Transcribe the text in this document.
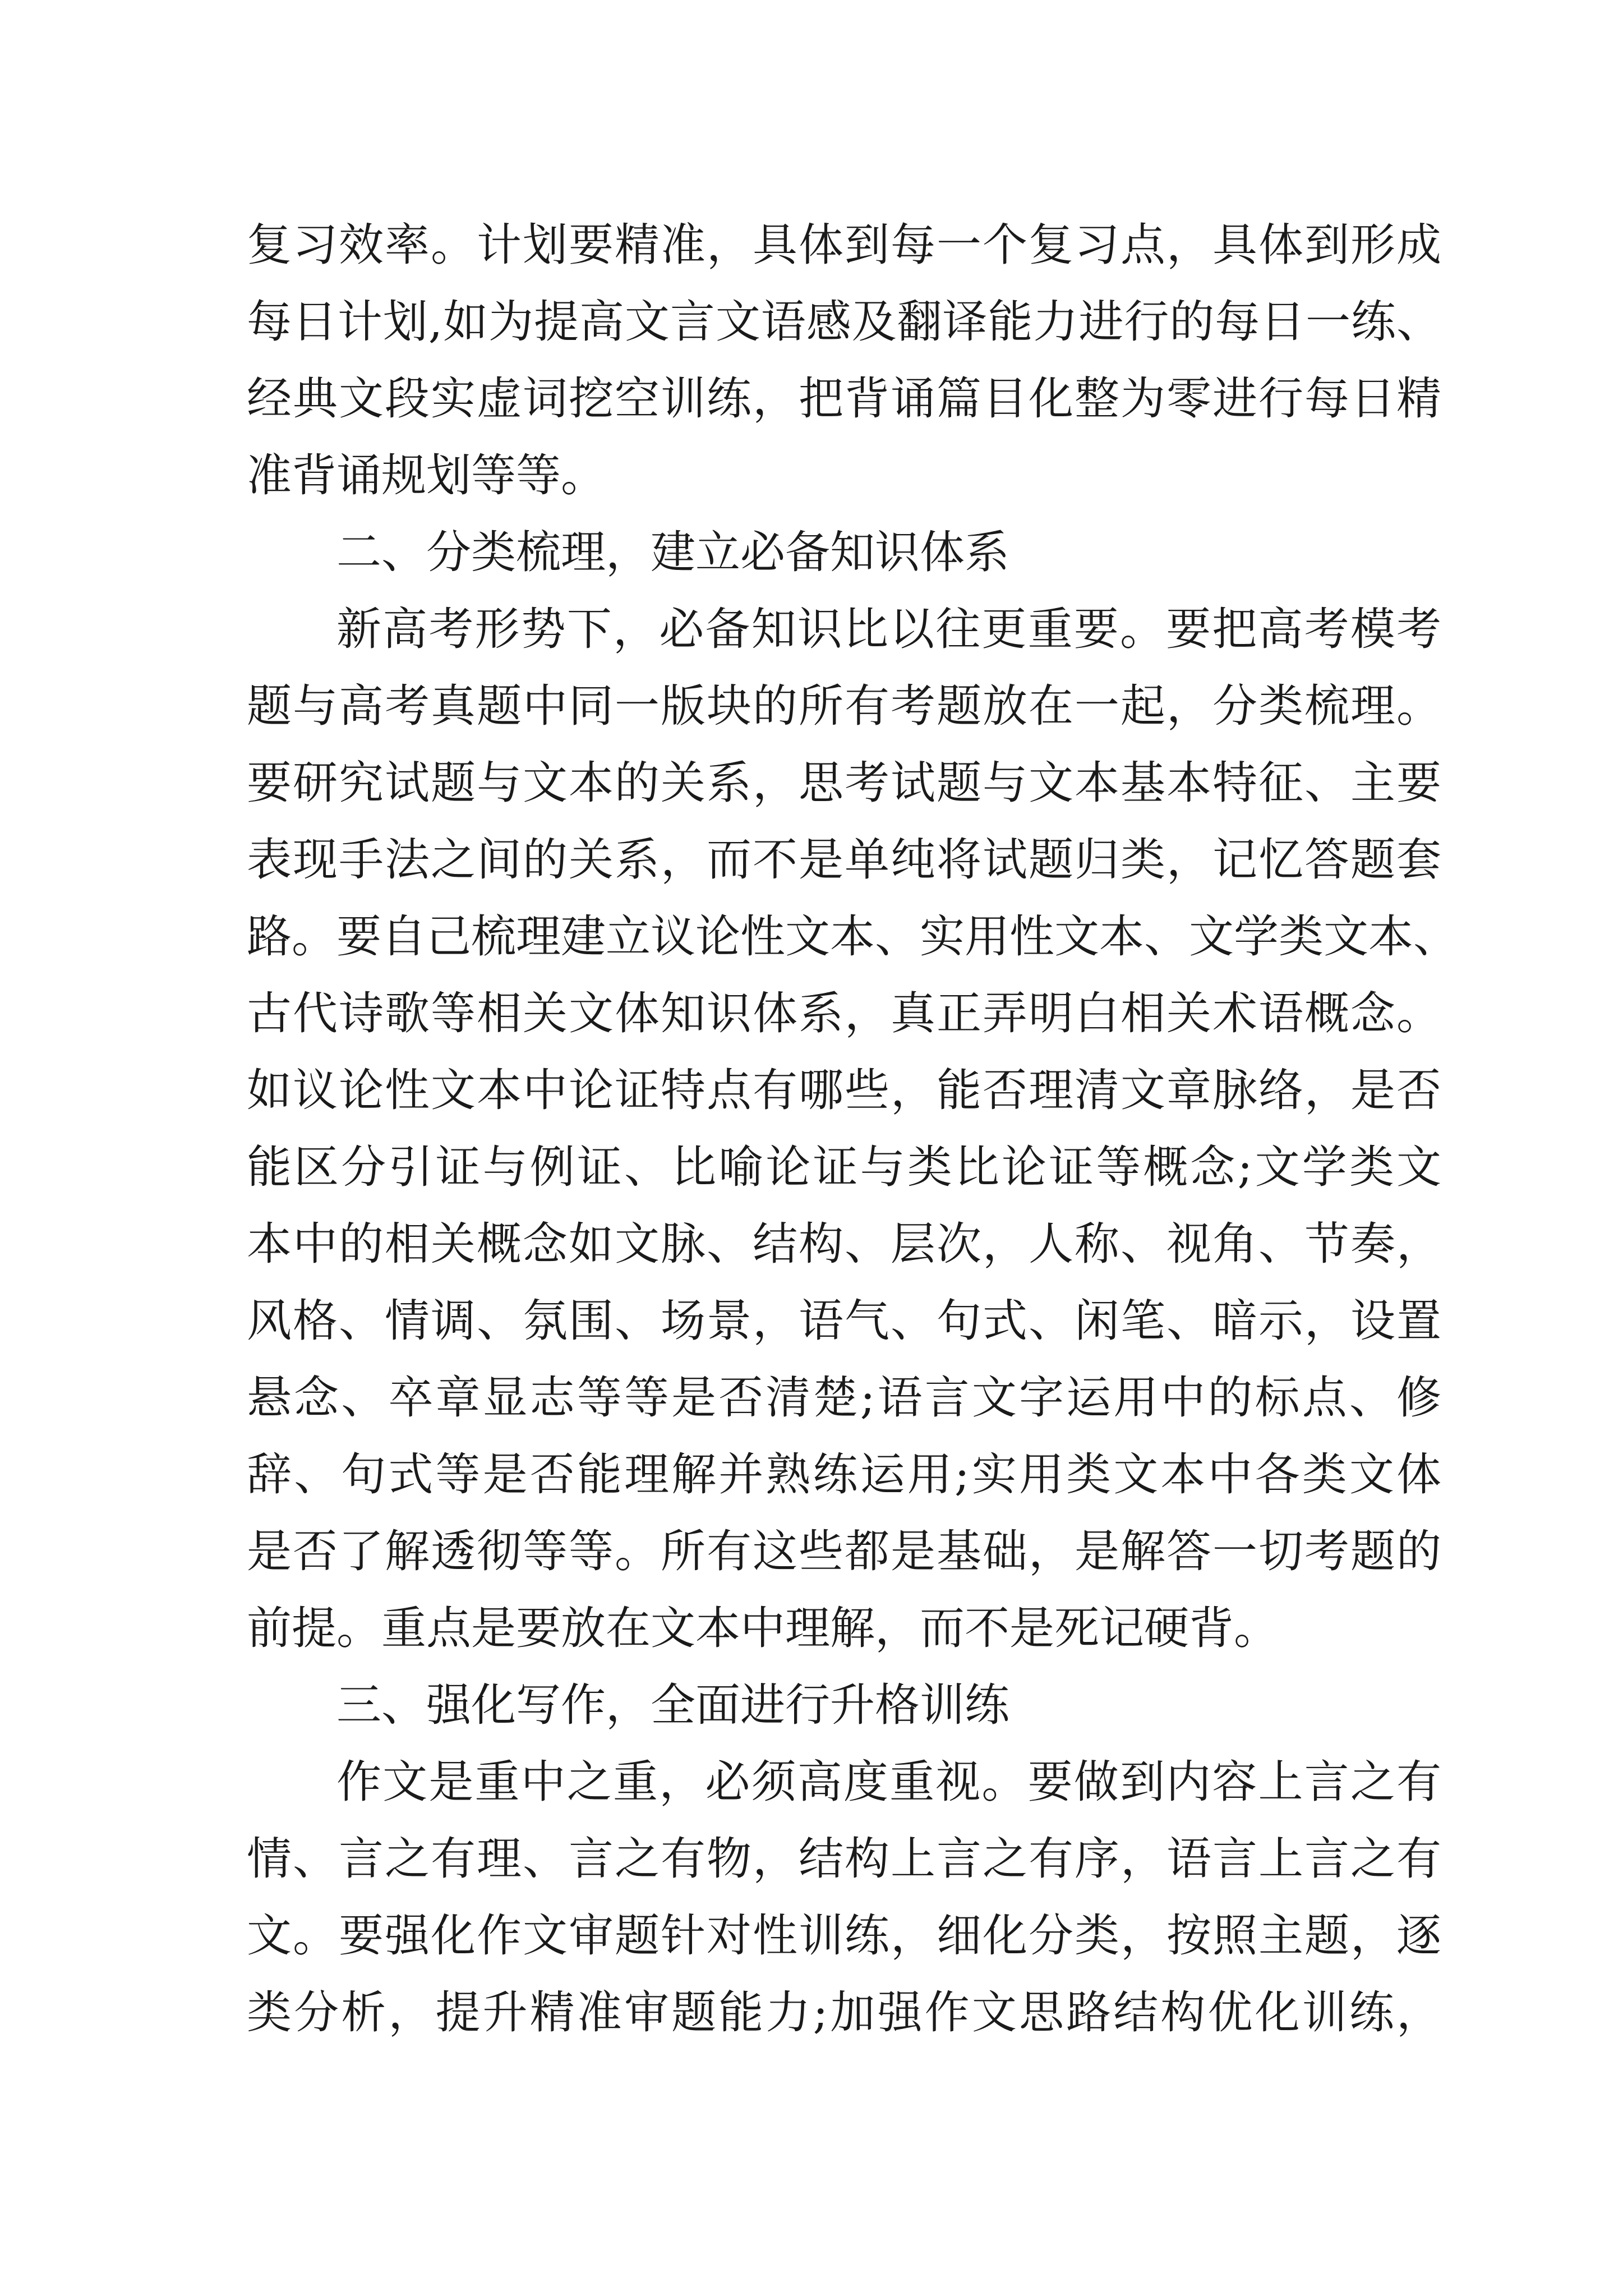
复习效率。计划要精准，具体到每一个复习点，具体到形成
每日计划,如为提高文言文语感及翻译能力进行的每日一练、
经典文段实虚词挖空训练，把背诵篇目化整为零进行每日精
准背诵规划等等。
二、分类梳理，建立必备知识体系
新高考形势下，必备知识比以往更重要。要把高考模考
题与高考真题中同一版块的所有考题放在一起，分类梳理。
要研究试题与文本的关系，思考试题与文本基本特征、主要
表现手法之间的关系，而不是单纯将试题归类，记忆答题套
路。要自己梳理建立议论性文本、实用性文本、文学类文本、
古代诗歌等相关文体知识体系，真正弄明白相关术语概念。
如议论性文本中论证特点有哪些，能否理清文章脉络，是否
能区分引证与例证、比喻论证与类比论证等概念;文学类文
本中的相关概念如文脉、结构、层次，人称、视角、节奏，
风格、情调、氛围、场景，语气、句式、闲笔、暗示，设置
悬念、卒章显志等等是否清楚;语言文字运用中的标点、修
辞、句式等是否能理解并熟练运用;实用类文本中各类文体
是否了解透彻等等。所有这些都是基础，是解答一切考题的
前提。重点是要放在文本中理解，而不是死记硬背。
三、强化写作，全面进行升格训练
作文是重中之重，必须高度重视。要做到内容上言之有
情、言之有理、言之有物，结构上言之有序，语言上言之有
文。要强化作文审题针对性训练，细化分类，按照主题，逐
类分析，提升精准审题能力;加强作文思路结构优化训练，
